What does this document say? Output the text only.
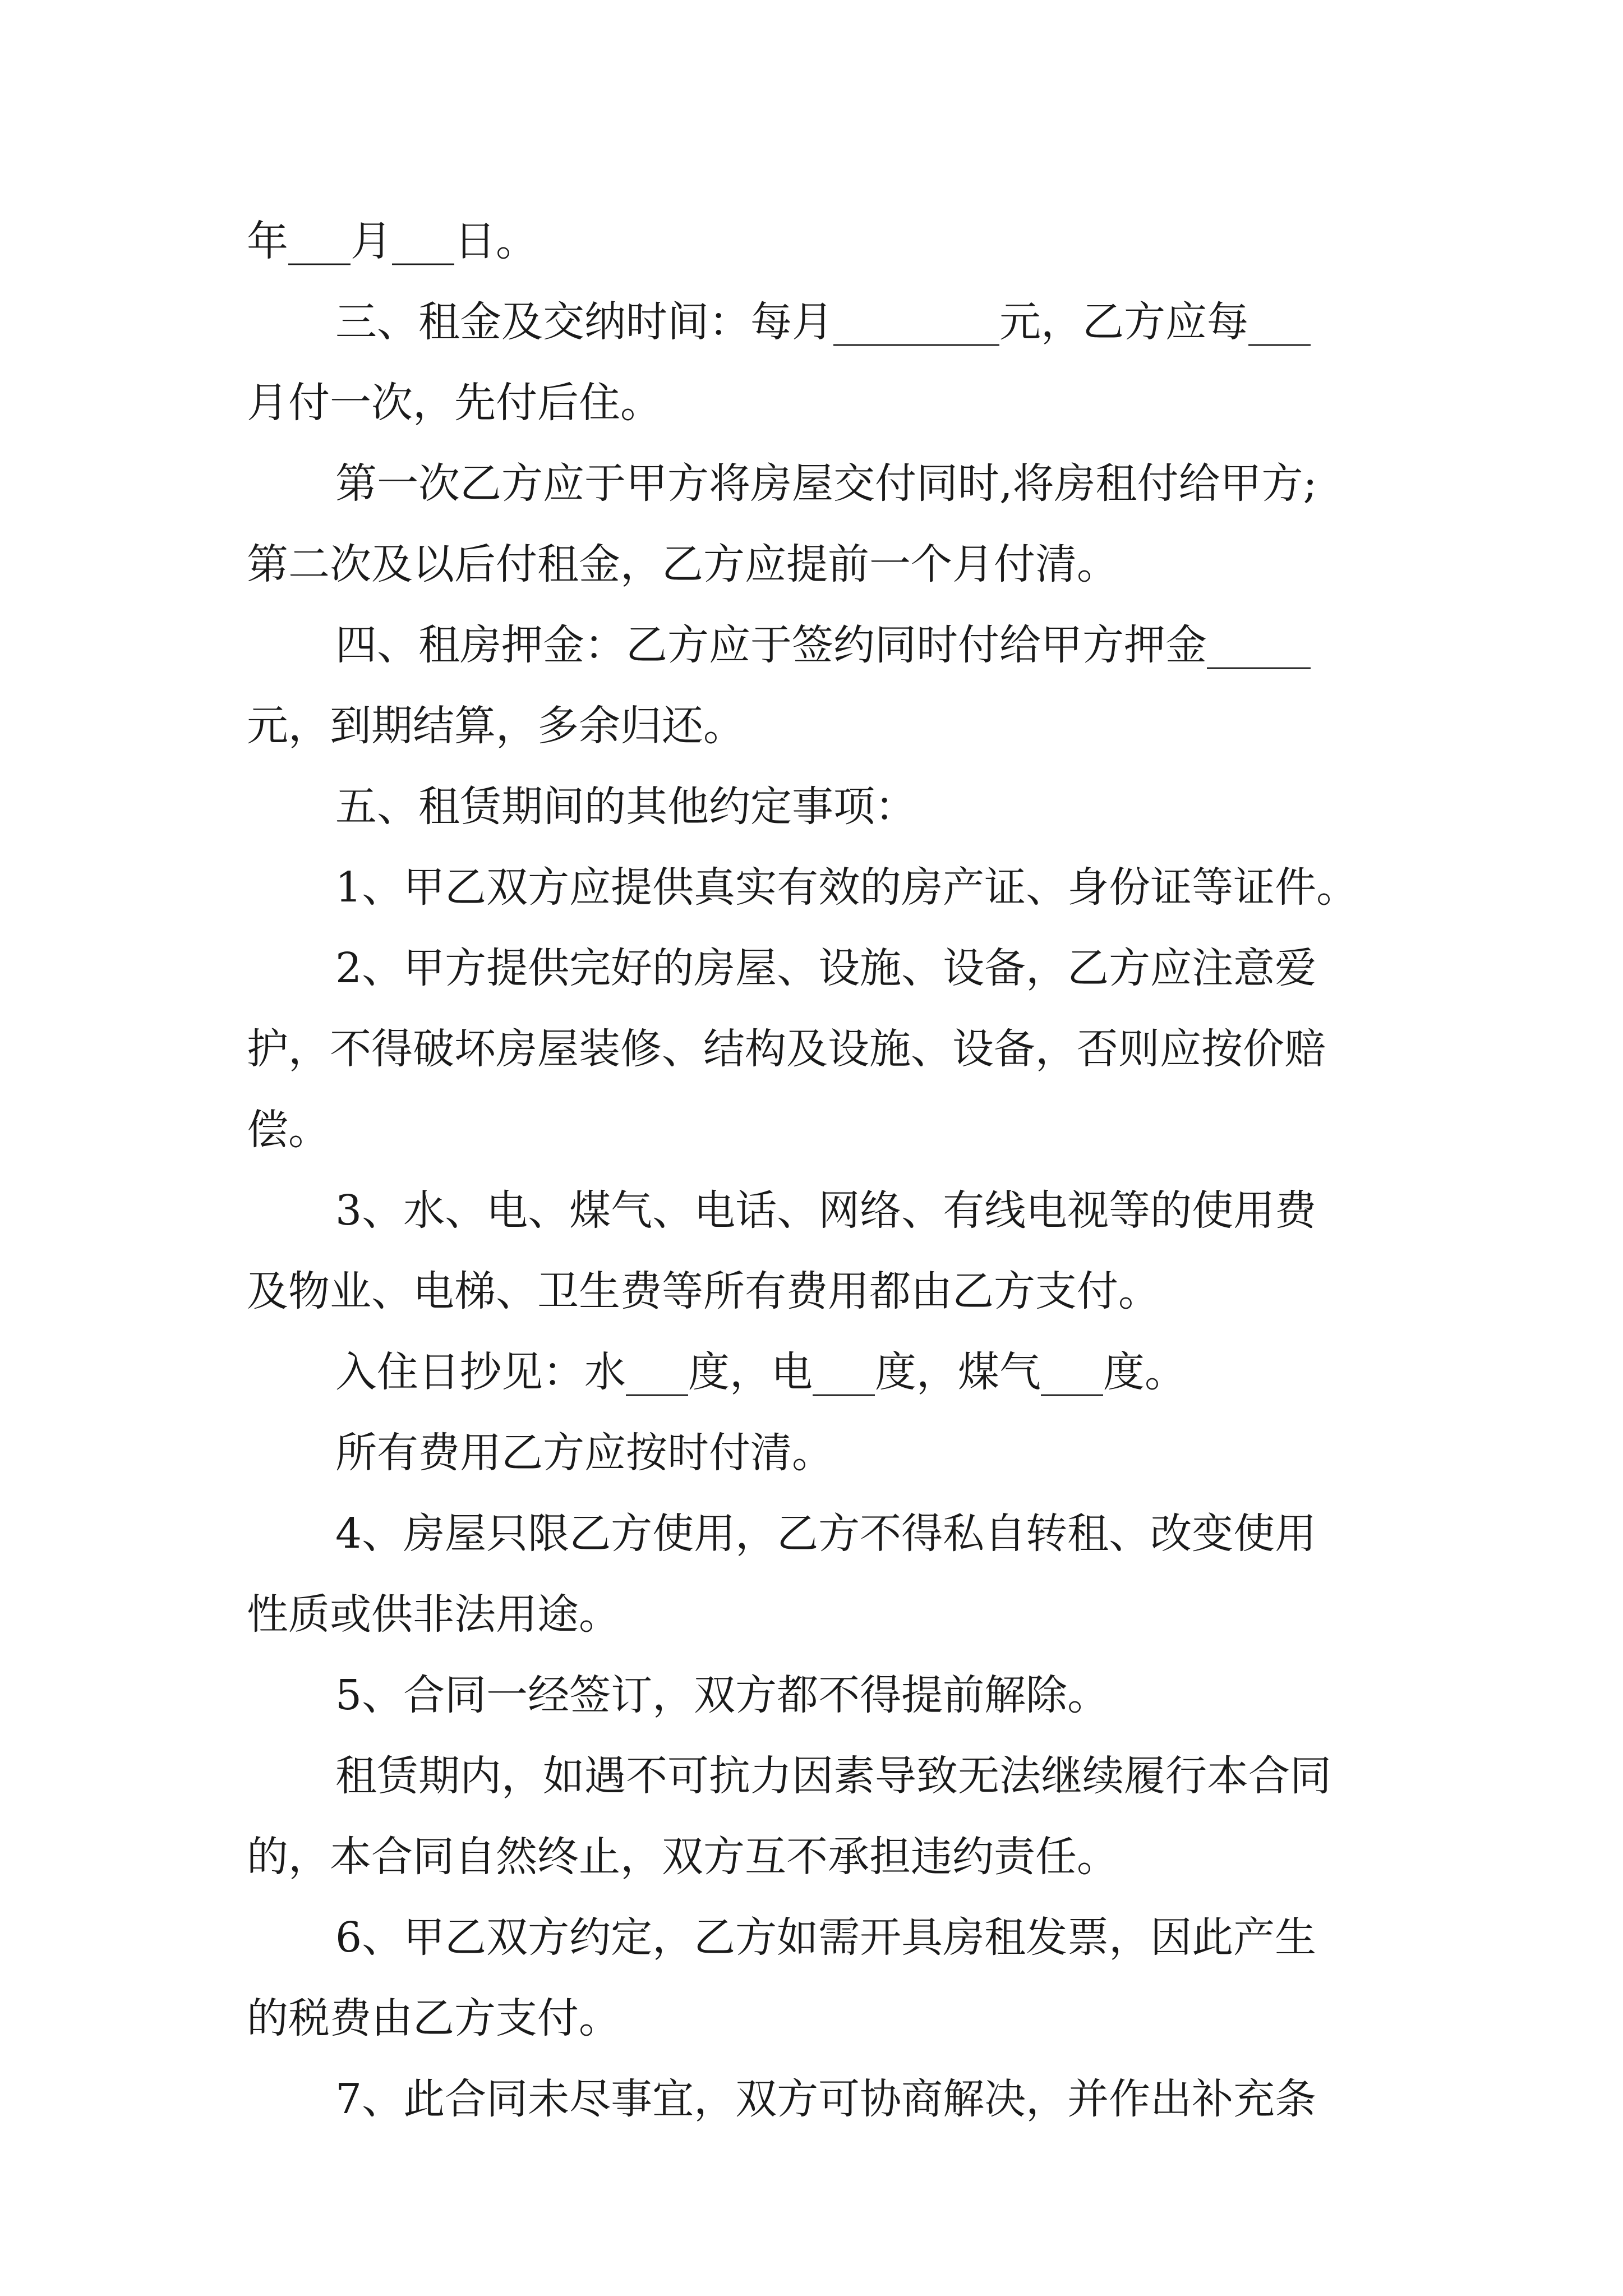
年___月___日。
三、租金及交纳时间：每月________元，乙方应每___
月付一次，先付后住。
第一次乙方应于甲方将房屋交付同时,将房租付给甲方;
第二次及以后付租金，乙方应提前一个月付清。
四、租房押金：乙方应于签约同时付给甲方押金_____
元，到期结算，多余归还。
五、租赁期间的其他约定事项：
1、甲乙双方应提供真实有效的房产证、身份证等证件。
2、甲方提供完好的房屋、设施、设备，乙方应注意爱
护，不得破坏房屋装修、结构及设施、设备，否则应按价赔
偿。
3、水、电、煤气、电话、网络、有线电视等的使用费
及物业、电梯、卫生费等所有费用都由乙方支付。
入住日抄见：水___度，电___度，煤气___度。
所有费用乙方应按时付清。
4、房屋只限乙方使用，乙方不得私自转租、改变使用
性质或供非法用途。
5、合同一经签订，双方都不得提前解除。
租赁期内，如遇不可抗力因素导致无法继续履行本合同
的，本合同自然终止，双方互不承担违约责任。
6、甲乙双方约定，乙方如需开具房租发票，因此产生
的税费由乙方支付。
7、此合同未尽事宜，双方可协商解决，并作出补充条
